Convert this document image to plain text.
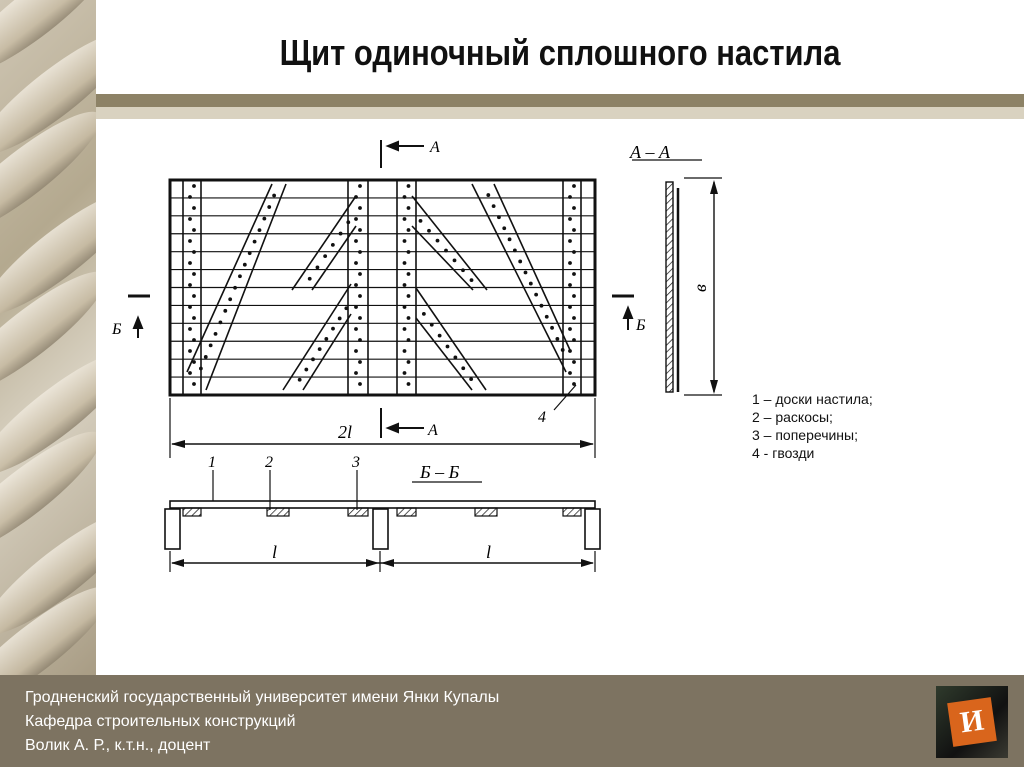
Щит одиночный сплошного настила
А
А
Б	Б
А – А
в
2l
4
Б – Б
1	2	3
l	l
1 – доски настила;
2 – раскосы;
3 – поперечины;
4 - гвозди
Гродненский государственный университет имени Янки Купалы
Кафедра строительных конструкций
Волик А. Р., к.т.н., доцент
И
